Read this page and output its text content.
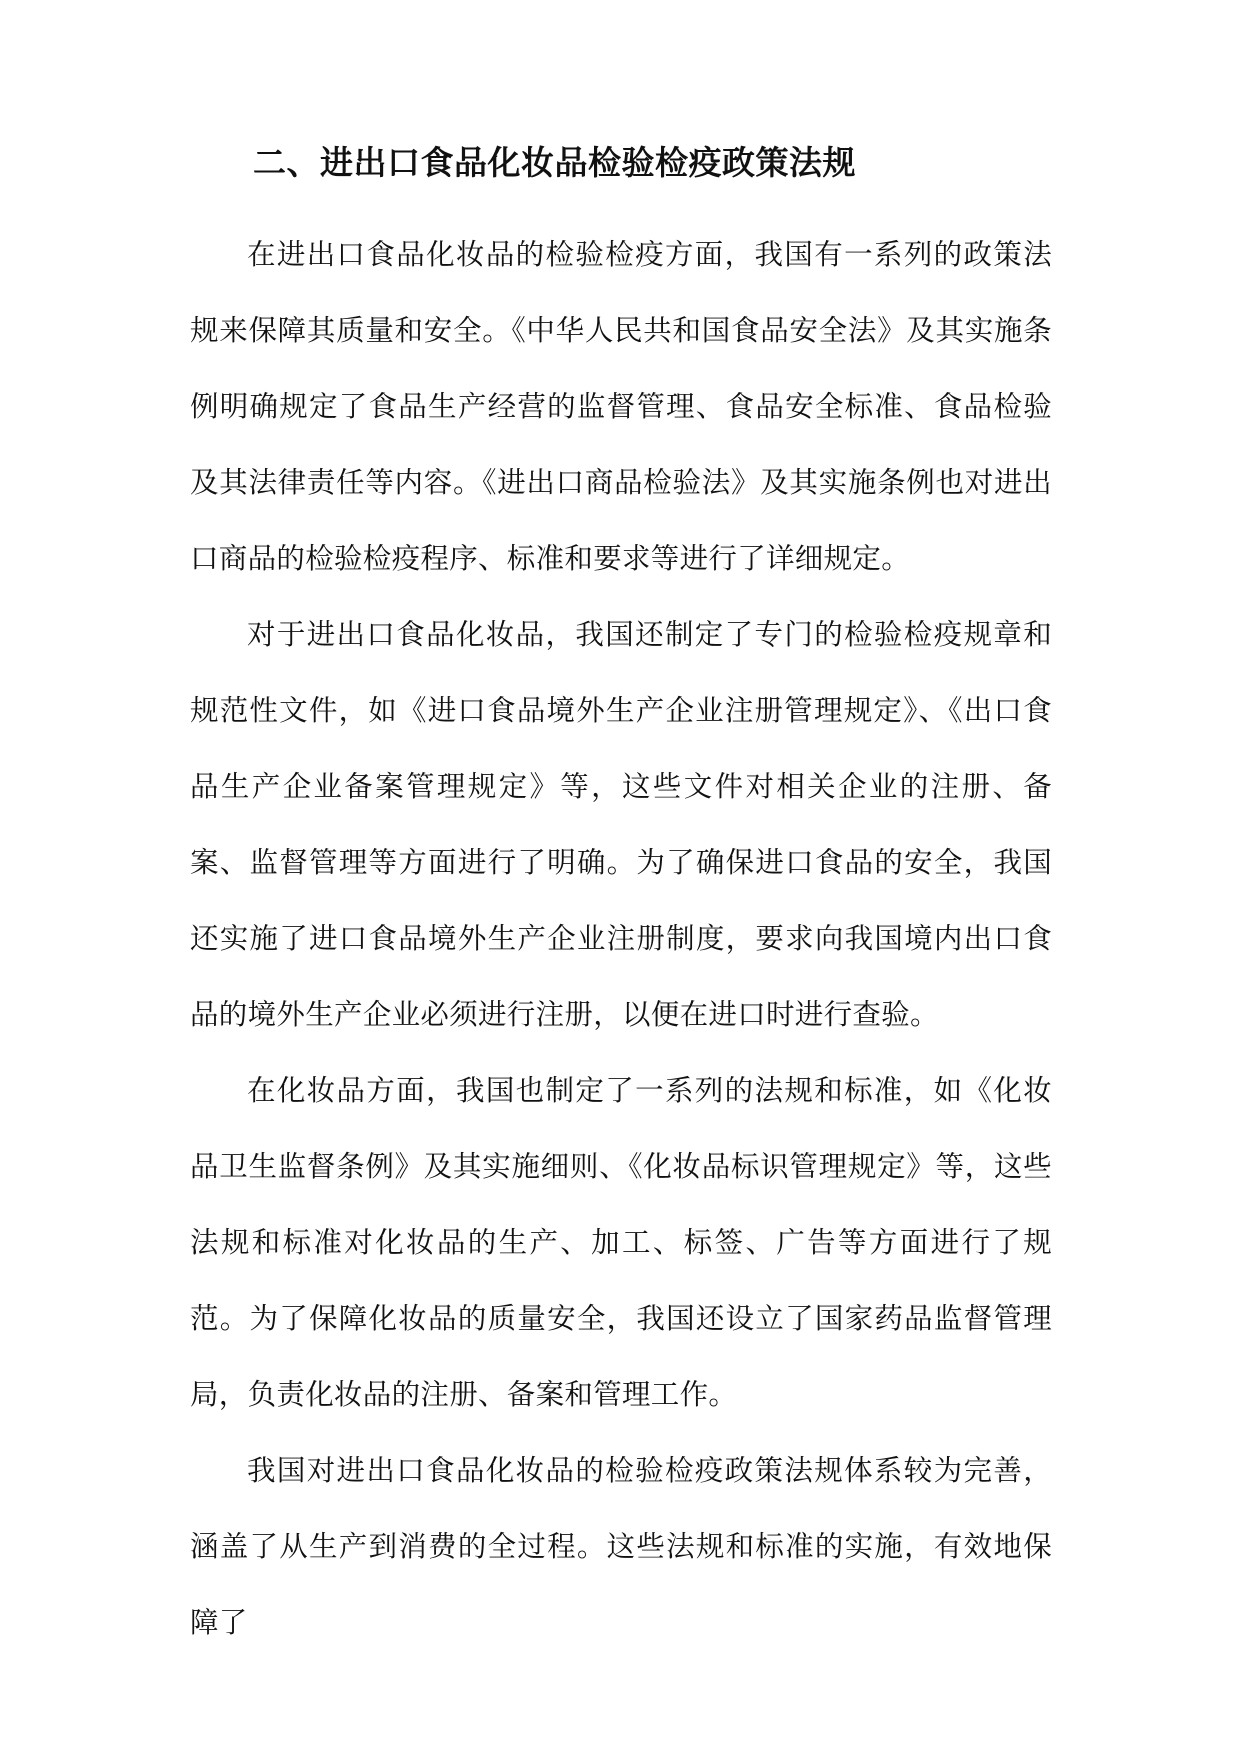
二、进出口食品化妆品检验检疫政策法规

在进出口食品化妆品的检验检疫方面，我国有一系列的政策法规来保障其质量和安全。《中华人民共和国食品安全法》及其实施条例明确规定了食品生产经营的监督管理、食品安全标准、食品检验及其法律责任等内容。《进出口商品检验法》及其实施条例也对进出口商品的检验检疫程序、标准和要求等进行了详细规定。

对于进出口食品化妆品，我国还制定了专门的检验检疫规章和规范性文件，如《进口食品境外生产企业注册管理规定》、《出口食品生产企业备案管理规定》等，这些文件对相关企业的注册、备案、监督管理等方面进行了明确。为了确保进口食品的安全，我国还实施了进口食品境外生产企业注册制度，要求向我国境内出口食品的境外生产企业必须进行注册，以便在进口时进行查验。

在化妆品方面，我国也制定了一系列的法规和标准，如《化妆品卫生监督条例》及其实施细则、《化妆品标识管理规定》等，这些法规和标准对化妆品的生产、加工、标签、广告等方面进行了规范。为了保障化妆品的质量安全，我国还设立了国家药品监督管理局，负责化妆品的注册、备案和管理工作。

我国对进出口食品化妆品的检验检疫政策法规体系较为完善，涵盖了从生产到消费的全过程。这些法规和标准的实施，有效地保障了
